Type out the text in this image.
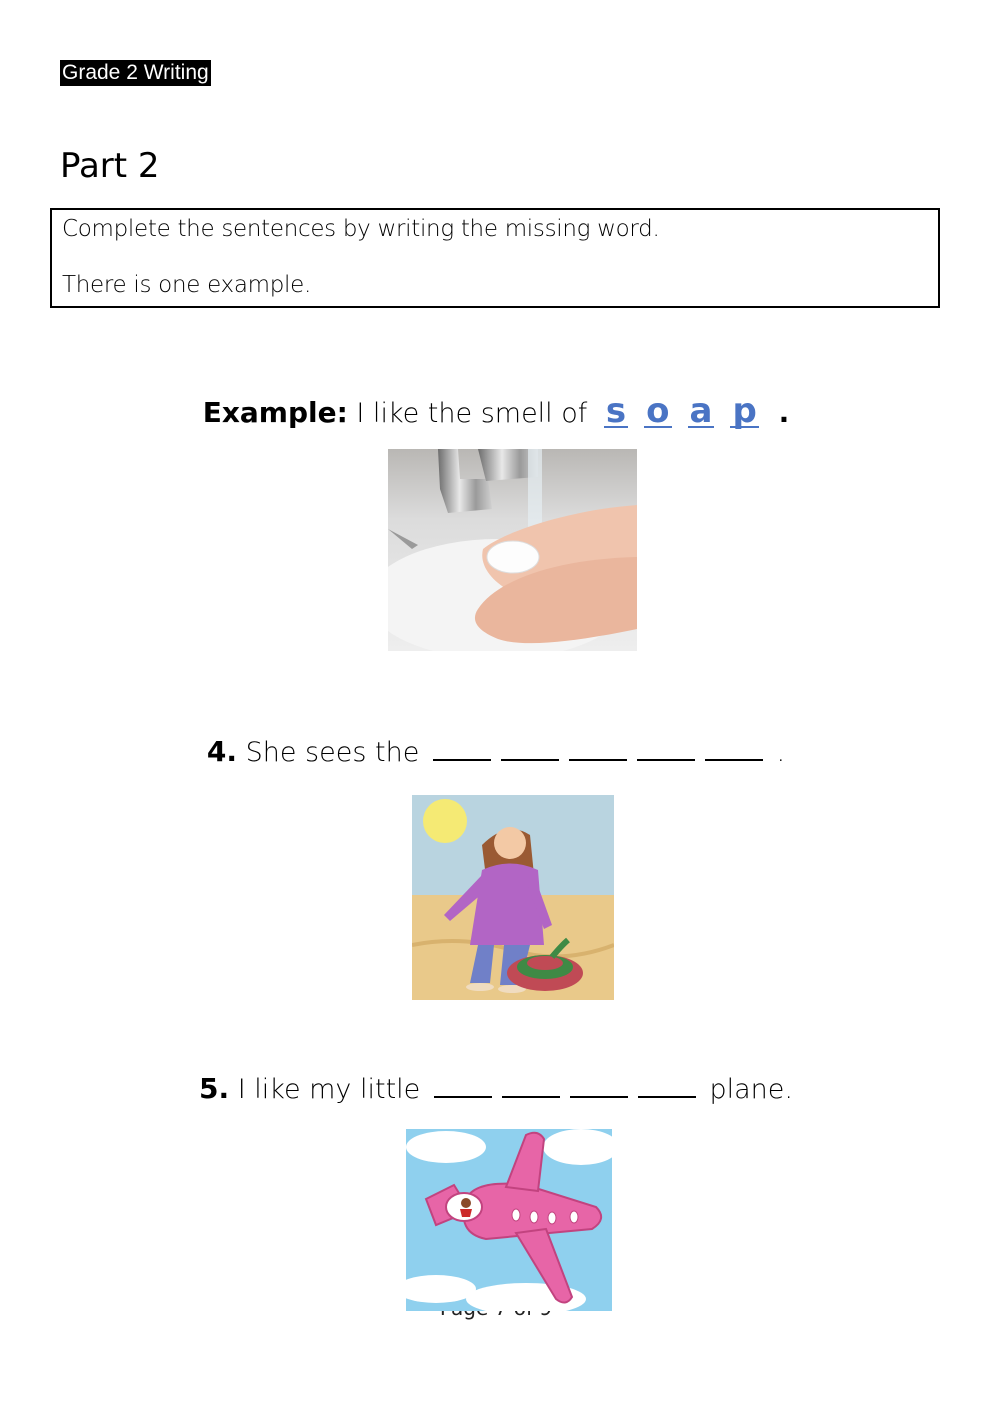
Grade 2 Writing
Part 2

Complete the sentences by writing the missing word.

There is one example.

Example: I like the smell of s o a p .
4. She sees the	.
5. I like my little	plane.
